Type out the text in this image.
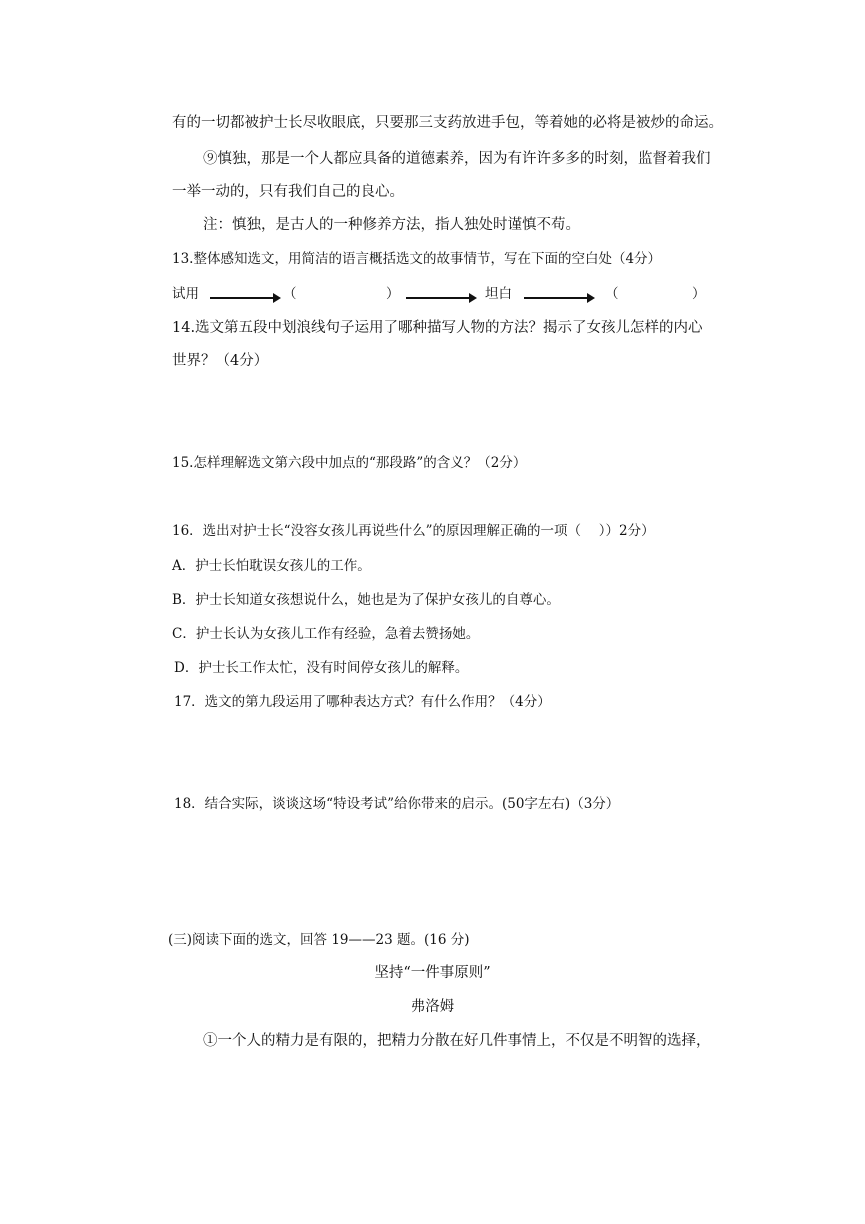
有的一切都被护士长尽收眼底，只要那三支药放进手包，等着她的必将是被炒的命运。
⑨慎独，那是一个人都应具备的道德素养，因为有许许多多的时刻，监督着我们
一举一动的，只有我们自己的良心。
注：慎独，是古人的一种修养方法，指人独处时谨慎不苟。
13.整体感知选文，用简洁的语言概括选文的故事情节，写在下面的空白处（4分）
试用	（	）	坦白	（	）
14.选文第五段中划浪线句子运用了哪种描写人物的方法？揭示了女孩儿怎样的内心
世界？（4分）
15.怎样理解选文第六段中加点的“那段路”的含义？（2分）
16．选出对护士长“没容女孩儿再说些什么”的原因理解正确的一项（　 ））2分）
A．护士长怕耽误女孩儿的工作。
B．护士长知道女孩想说什么，她也是为了保护女孩儿的自尊心。
C．护士长认为女孩儿工作有经验，急着去赞扬她。
D．护士长工作太忙，没有时间停女孩儿的解释。
17．选文的第九段运用了哪种表达方式？有什么作用？（4分）
18．结合实际，谈谈这场“特设考试”给你带来的启示。(50字左右)（3分）
(三)阅读下面的选文，回答 19——23 题。(16 分)
坚持“一件事原则”
弗洛姆
①一个人的精力是有限的，把精力分散在好几件事情上，不仅是不明智的选择，
